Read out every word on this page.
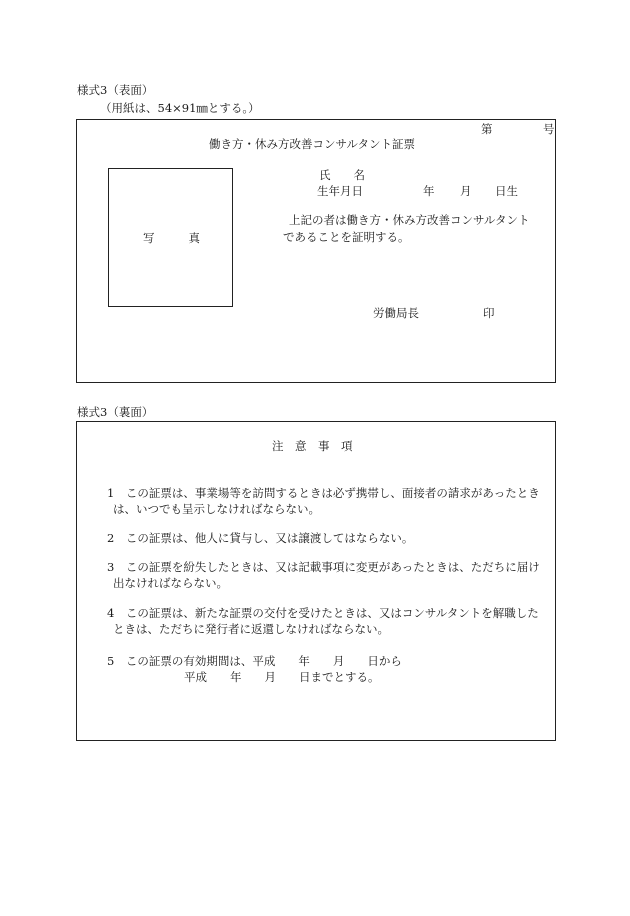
様式3（表面）
（用紙は、54×91㎜とする。）
第	号
働き方・休み方改善コンサルタント証票
写	真
氏　　名
生年月日	年 月 日生
上記の者は働き方・休み方改善コンサルタント
であることを証明する。
労働局長	印
様式3（裏面）
注　意　事　項
1　この証票は、事業場等を訪問するときは必ず携帯し、面接者の請求があったとき
は、いつでも呈示しなければならない。
2　この証票は、他人に貸与し、又は譲渡してはならない。
3　この証票を紛失したときは、又は記載事項に変更があったときは、ただちに届け
出なければならない。
4　この証票は、新たな証票の交付を受けたときは、又はコンサルタントを解職した
ときは、ただちに発行者に返還しなければならない。
5　この証票の有効期間は、平成　　年　　月　　日から
平成　　年　　月　　日までとする。
